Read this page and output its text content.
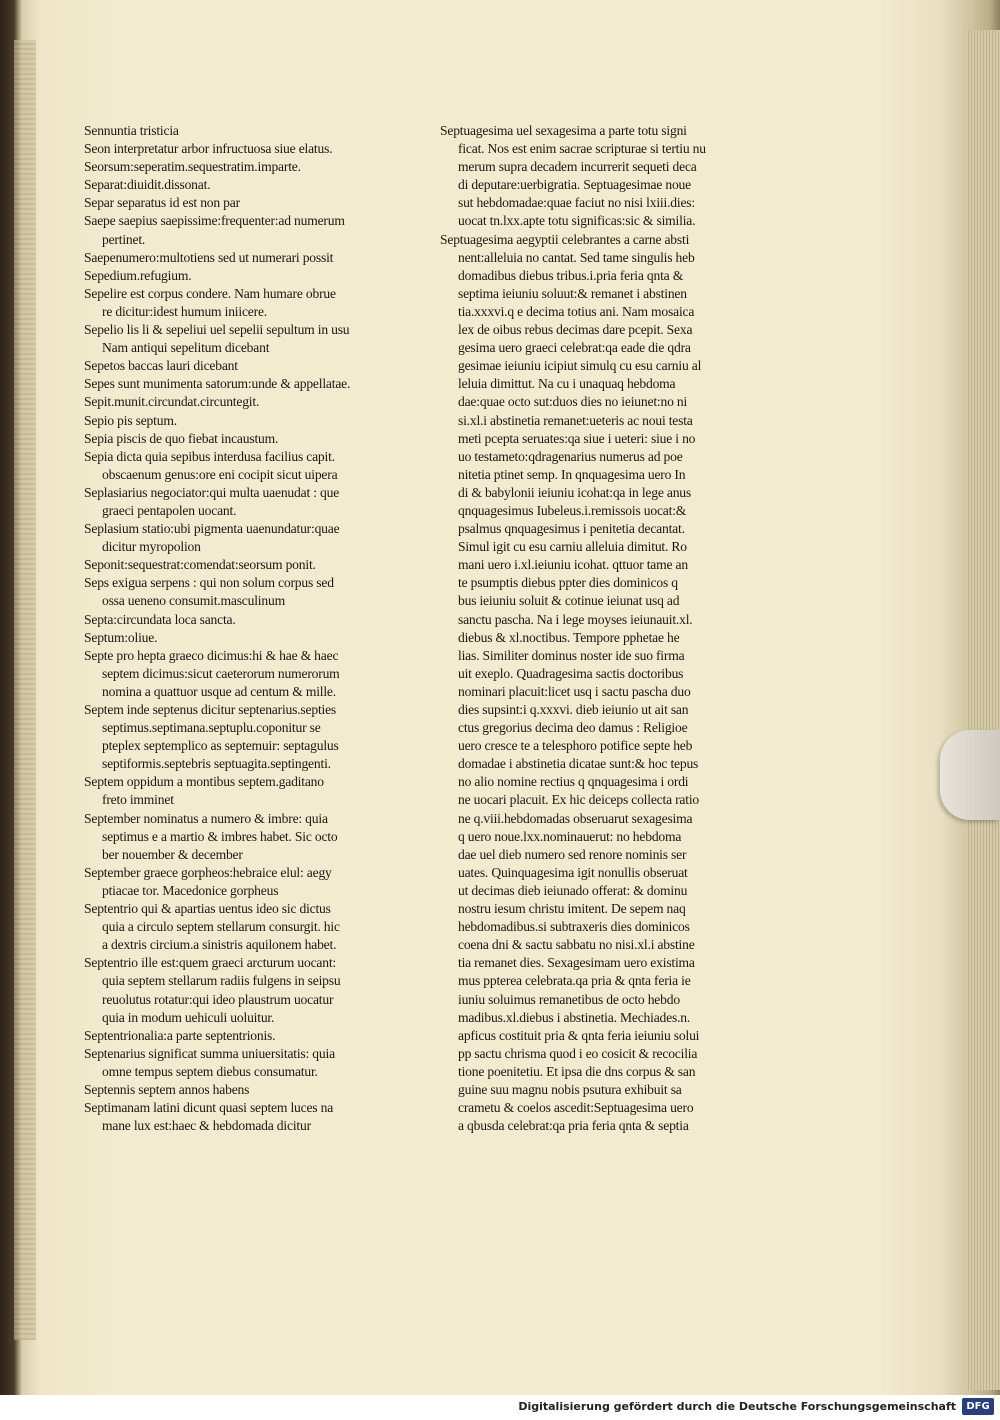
Sennuntia tristicia
Seon interpretatur arbor infructuosa siue elatus.
Seorsum:seperatim.sequestratim.imparte.
Separat:diuidit.dissonat.
Separ separatus id est non par
Saepe saepius saepissime:frequenter:ad numerum
pertinet.
Saepenumero:multotiens sed ut numerari possit
Sepedium.refugium.
Sepelire est corpus condere. Nam humare obrue
re dicitur:idest humum iniicere.
Sepelio lis li & sepeliui uel sepelii sepultum in usu
Nam antiqui sepelitum dicebant
Sepetos baccas lauri dicebant
Sepes sunt munimenta satorum:unde & appellatae.
Sepit.munit.circundat.circuntegit.
Sepio pis septum.
Sepia piscis de quo fiebat incaustum.
Sepia dicta quia sepibus interdusa facilius capit.
obscaenum genus:ore eni cocipit sicut uipera
Seplasiarius negociator:qui multa uaenudat : que
graeci pentapolen uocant.
Seplasium statio:ubi pigmenta uaenundatur:quae
dicitur myropolion
Seponit:sequestrat:comendat:seorsum ponit.
Seps exigua serpens : qui non solum corpus sed
ossa ueneno consumit.masculinum
Septa:circundata loca sancta.
Septum:oliue.
Septe pro hepta graeco dicimus:hi & hae & haec
septem dicimus:sicut caeterorum numerorum
nomina a quattuor usque ad centum & mille.
Septem inde septenus dicitur septenarius.septies
septimus.septimana.septuplu.coponitur se
pteplex septemplico as septemuir: septagulus
septiformis.septebris septuagita.septingenti.
Septem oppidum a montibus septem.gaditano
freto imminet
September nominatus a numero & imbre: quia
septimus e a martio & imbres habet. Sic octo
ber nouember & december
September graece gorpheos:hebraice elul: aegy
ptiacae tor. Macedonice gorpheus
Septentrio qui & apartias uentus ideo sic dictus
quia a circulo septem stellarum consurgit. hic
a dextris circium.a sinistris aquilonem habet.
Septentrio ille est:quem graeci arcturum uocant:
quia septem stellarum radiis fulgens in seipsu
reuolutus rotatur:qui ideo plaustrum uocatur
quia in modum uehiculi uoluitur.
Septentrionalia:a parte septentrionis.
Septenarius significat summa uniuersitatis: quia
omne tempus septem diebus consumatur.
Septennis septem annos habens
Septimanam latini dicunt quasi septem luces na
mane lux est:haec & hebdomada dicitur
Septuagesima uel sexagesima a parte totu signi
ficat. Nos est enim sacrae scripturae si tertiu nu
merum supra decadem incurrerit sequeti deca
di deputare:uerbigratia. Septuagesimae noue
sut hebdomadae:quae faciut no nisi lxiii.dies:
uocat tn.lxx.apte totu significas:sic & similia.
Septuagesima aegyptii celebrantes a carne absti
nent:alleluia no cantat. Sed tame singulis heb
domadibus diebus tribus.i.pria feria qnta &
septima ieiuniu soluut:& remanet i abstinen
tia.xxxvi.q e decima totius ani. Nam mosaica
lex de oibus rebus decimas dare pcepit. Sexa
gesima uero graeci celebrat:qa eade die qdra
gesimae ieiuniu icipiut simulq cu esu carniu al
leluia dimittut. Na cu i unaquaq hebdoma
dae:quae octo sut:duos dies no ieiunet:no ni
si.xl.i abstinetia remanet:ueteris ac noui testa
meti pcepta seruates:qa siue i ueteri: siue i no
uo testameto:qdragenarius numerus ad poe
nitetia ptinet semp. In qnquagesima uero In
di & babylonii ieiuniu icohat:qa in lege anus
qnquagesimus Iubeleus.i.remissois uocat:&
psalmus qnquagesimus i penitetia decantat.
Simul igit cu esu carniu alleluia dimitut. Ro
mani uero i.xl.ieiuniu icohat. qttuor tame an
te psumptis diebus ppter dies dominicos q
bus ieiuniu soluit & cotinue ieiunat usq ad
sanctu pascha. Na i lege moyses ieiunauit.xl.
diebus & xl.noctibus. Tempore pphetae he
lias. Similiter dominus noster ide suo firma
uit exeplo. Quadragesima sactis doctoribus
nominari placuit:licet usq i sactu pascha duo
dies supsint:i q.xxxvi. dieb ieiunio ut ait san
ctus gregorius decima deo damus : Religioe
uero cresce te a telesphoro potifice septe heb
domadae i abstinetia dicatae sunt:& hoc tepus
no alio nomine rectius q qnquagesima i ordi
ne uocari placuit. Ex hic deiceps collecta ratio
ne q.viii.hebdomadas obseruarut sexagesima
q uero noue.lxx.nominauerut: no hebdoma
dae uel dieb numero sed renore nominis ser
uates. Quinquagesima igit nonullis obseruat
ut decimas dieb ieiunado offerat: & dominu
nostru iesum christu imitent. De sepem naq
hebdomadibus.si subtraxeris dies dominicos
coena dni & sactu sabbatu no nisi.xl.i abstine
tia remanet dies. Sexagesimam uero existima
mus ppterea celebrata.qa pria & qnta feria ie
iuniu soluimus remanetibus de octo hebdo
madibus.xl.diebus i abstinetia. Mechiades.n.
apficus costituit pria & qnta feria ieiuniu solui
pp sactu chrisma quod i eo cosicit & recocilia
tione poenitetiu. Et ipsa die dns corpus & san
guine suu magnu nobis psutura exhibuit sa
crametu & coelos ascedit:Septuagesima uero
a qbusda celebrat:qa pria feria qnta & septia
Digitalisierung gefördert durch die Deutsche Forschungsgemeinschaft	DFG
